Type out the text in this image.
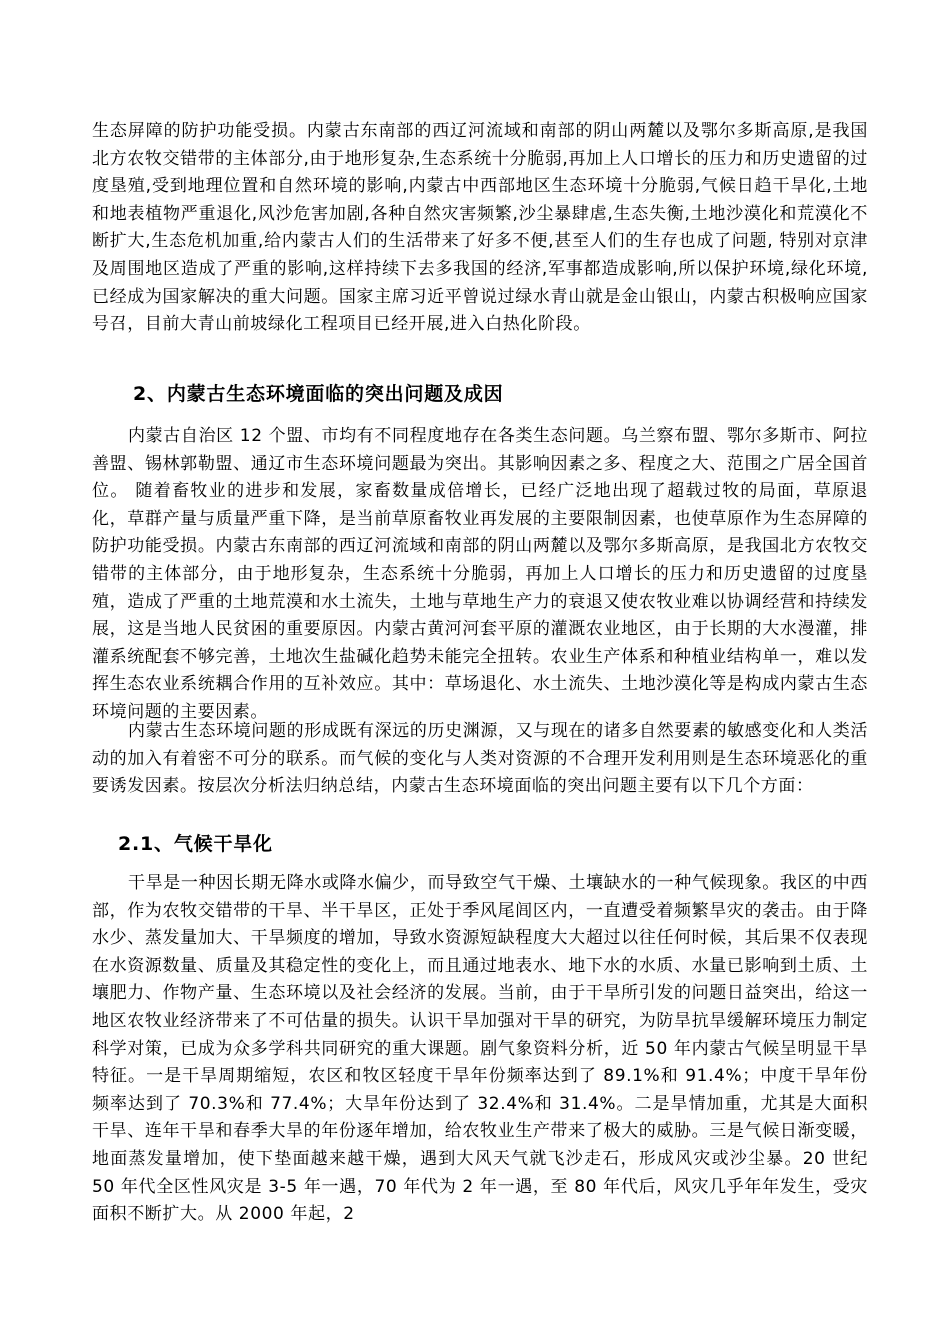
生态屏障的防护功能受损。内蒙古东南部的西辽河流域和南部的阴山两麓以及鄂尔多斯高原,是我国北方农牧交错带的主体部分,由于地形复杂,生态系统十分脆弱,再加上人口增长的压力和历史遗留的过度垦殖,受到地理位置和自然环境的影响,内蒙古中西部地区生态环境十分脆弱,气候日趋干旱化,土地和地表植物严重退化,风沙危害加剧,各种自然灾害频繁,沙尘暴肆虐,生态失衡,土地沙漠化和荒漠化不断扩大,生态危机加重,给内蒙古人们的生活带来了好多不便,甚至人们的生存也成了问题, 特别对京津及周围地区造成了严重的影响,这样持续下去多我国的经济,军事都造成影响,所以保护环境,绿化环境,已经成为国家解决的重大问题。国家主席习近平曾说过绿水青山就是金山银山，内蒙古积极响应国家号召，目前大青山前坡绿化工程项目已经开展,进入白热化阶段。

2、内蒙古生态环境面临的突出问题及成因

内蒙古自治区 12 个盟、市均有不同程度地存在各类生态问题。乌兰察布盟、鄂尔多斯市、阿拉善盟、锡林郭勒盟、通辽市生态环境问题最为突出。其影响因素之多、程度之大、范围之广居全国首位。 随着畜牧业的进步和发展，家畜数量成倍增长，已经广泛地出现了超载过牧的局面，草原退化，草群产量与质量严重下降，是当前草原畜牧业再发展的主要限制因素，也使草原作为生态屏障的防护功能受损。内蒙古东南部的西辽河流域和南部的阴山两麓以及鄂尔多斯高原，是我国北方农牧交错带的主体部分，由于地形复杂，生态系统十分脆弱，再加上人口增长的压力和历史遗留的过度垦殖，造成了严重的土地荒漠和水土流失，土地与草地生产力的衰退又使农牧业难以协调经营和持续发展，这是当地人民贫困的重要原因。内蒙古黄河河套平原的灌溉农业地区，由于长期的大水漫灌，排灌系统配套不够完善，土地次生盐碱化趋势未能完全扭转。农业生产体系和种植业结构单一，难以发挥生态农业系统耦合作用的互补效应。其中：草场退化、水土流失、土地沙漠化等是构成内蒙古生态环境问题的主要因素。

内蒙古生态环境问题的形成既有深远的历史渊源，又与现在的诸多自然要素的敏感变化和人类活动的加入有着密不可分的联系。而气候的变化与人类对资源的不合理开发利用则是生态环境恶化的重要诱发因素。按层次分析法归纳总结，内蒙古生态环境面临的突出问题主要有以下几个方面：

2.1、气候干旱化

干旱是一种因长期无降水或降水偏少，而导致空气干燥、土壤缺水的一种气候现象。我区的中西部，作为农牧交错带的干旱、半干旱区，正处于季风尾闾区内，一直遭受着频繁旱灾的袭击。由于降水少、蒸发量加大、干旱频度的增加，导致水资源短缺程度大大超过以往任何时候，其后果不仅表现在水资源数量、质量及其稳定性的变化上，而且通过地表水、地下水的水质、水量已影响到土质、土壤肥力、作物产量、生态环境以及社会经济的发展。当前，由于干旱所引发的问题日益突出，给这一地区农牧业经济带来了不可估量的损失。认识干旱加强对干旱的研究，为防旱抗旱缓解环境压力制定科学对策，已成为众多学科共同研究的重大课题。剧气象资料分析，近 50 年内蒙古气候呈明显干旱特征。一是干旱周期缩短，农区和牧区轻度干旱年份频率达到了 89.1%和 91.4%；中度干旱年份频率达到了 70.3%和 77.4%；大旱年份达到了 32.4%和 31.4%。二是旱情加重，尤其是大面积干旱、连年干旱和春季大旱的年份逐年增加，给农牧业生产带来了极大的威胁。三是气候日渐变暖，地面蒸发量增加，使下垫面越来越干燥，遇到大风天气就飞沙走石，形成风灾或沙尘暴。20 世纪 50 年代全区性风灾是 3-5 年一遇，70 年代为 2 年一遇，至 80 年代后，风灾几乎年年发生，受灾面积不断扩大。从 2000 年起，2
